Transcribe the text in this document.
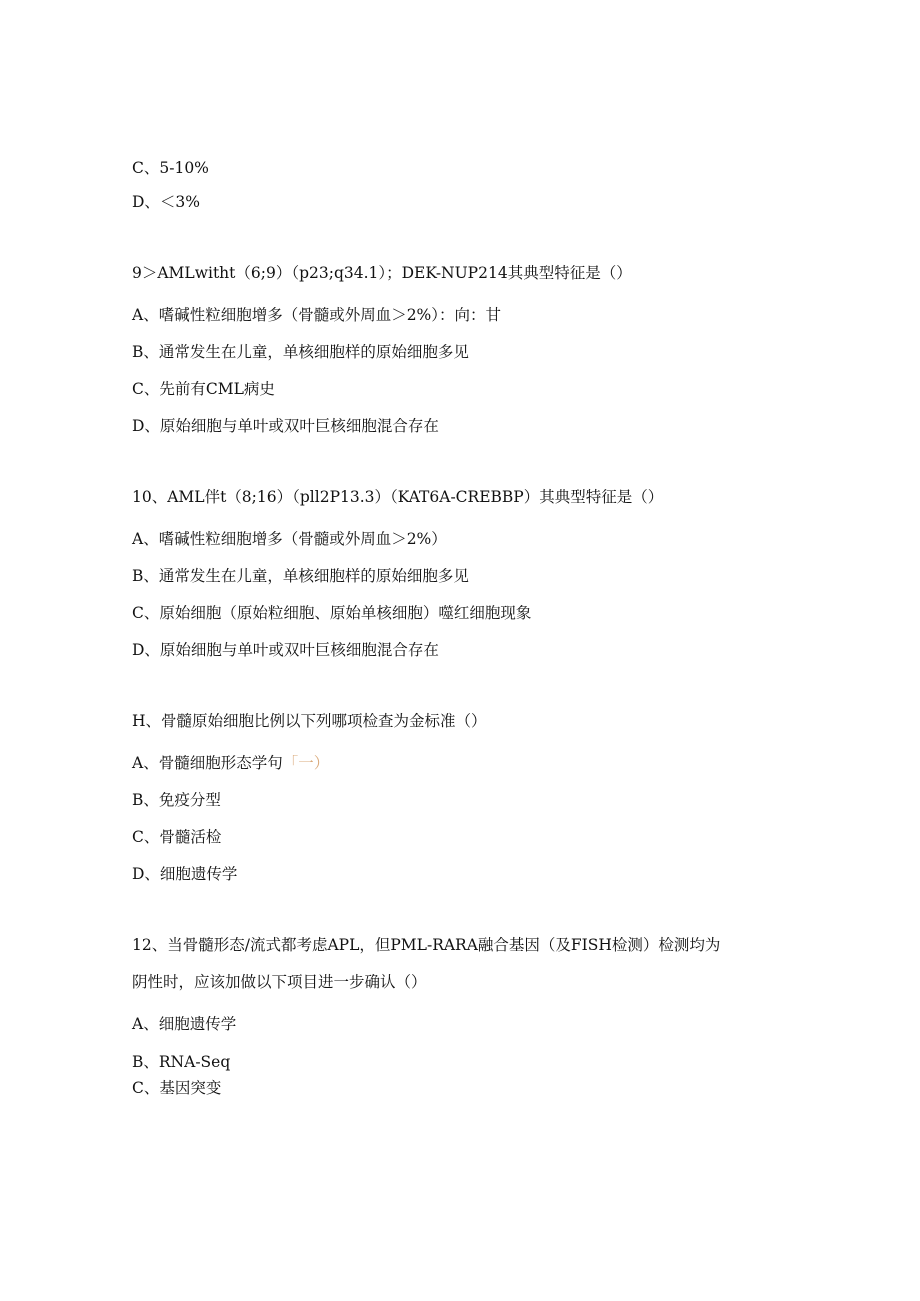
C、5-10%
D、＜3%
9＞AMLwitht（6;9）（p23;q34.1）；DEK-NUP214其典型特征是（）
A、嗜碱性粒细胞增多（骨髓或外周血＞2%）：向：甘
B、通常发生在儿童，单核细胞样的原始细胞多见
C、先前有CML病史
D、原始细胞与单叶或双叶巨核细胞混合存在
10、AML伴t（8;16）（pll2P13.3）（KAT6A-CREBBP）其典型特征是（）
A、嗜碱性粒细胞增多（骨髓或外周血＞2%）
B、通常发生在儿童，单核细胞样的原始细胞多见
C、原始细胞（原始粒细胞、原始单核细胞）噬红细胞现象
D、原始细胞与单叶或双叶巨核细胞混合存在
H、骨髓原始细胞比例以下列哪项检查为金标准（）
A、骨髓细胞形态学句「一）
B、免疫分型
C、骨髓活检
D、细胞遗传学
12、当骨髓形态/流式都考虑APL，但PML-RARA融合基因（及FISH检测）检测均为
阴性时，应该加做以下项目进一步确认（）
A、细胞遗传学
B、RNA-Seq
C、基因突变
